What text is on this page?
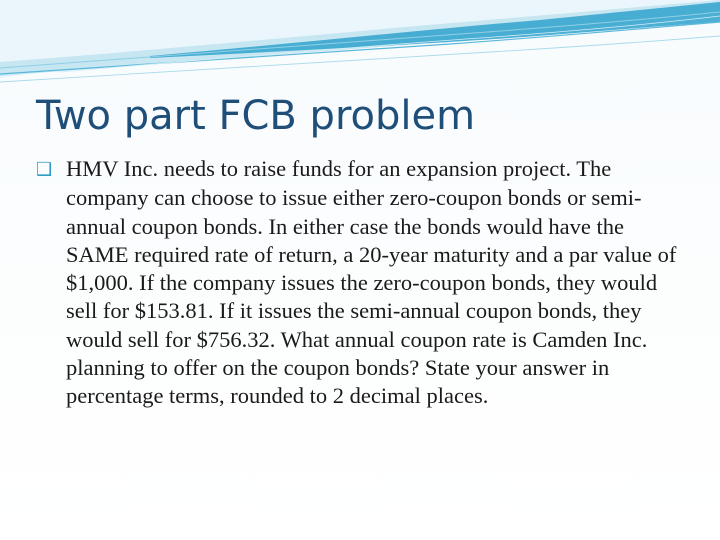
Two part FCB problem

❑ HMV Inc. needs to raise funds for an expansion project. The company can choose to issue either zero-coupon bonds or semi-annual coupon bonds. In either case the bonds would have the SAME required rate of return, a 20-year maturity and a par value of $1,000. If the company issues the zero-coupon bonds, they would sell for $153.81. If it issues the semi-annual coupon bonds, they would sell for $756.32. What annual coupon rate is Camden Inc. planning to offer on the coupon bonds? State your answer in percentage terms, rounded to 2 decimal places.
